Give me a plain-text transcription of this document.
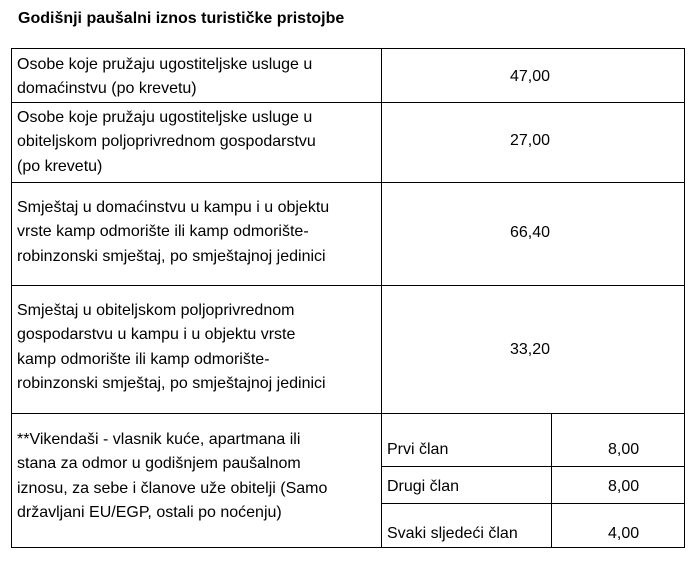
Godišnji paušalni iznos turističke pristojbe
Osobe koje pružaju ugostiteljske usluge u
domaćinstvu (po krevetu)
47,00
Osobe koje pružaju ugostiteljske usluge u
obiteljskom poljoprivrednom gospodarstvu
(po krevetu)
27,00
Smještaj u domaćinstvu u kampu i u objektu
vrste kamp odmorište ili kamp odmorište-
robinzonski smještaj, po smještajnoj jedinici
66,40
Smještaj u obiteljskom poljoprivrednom
gospodarstvu u kampu i u objektu vrste
kamp odmorište ili kamp odmorište-
robinzonski smještaj, po smještajnoj jedinici
33,20
**Vikendaši - vlasnik kuće, apartmana ili
stana za odmor u godišnjem paušalnom
iznosu, za sebe i članove uže obitelji (Samo
državljani EU/EGP, ostali po noćenju)
Prvi član	8,00
Drugi član	8,00
Svaki sljedeći član	4,00
